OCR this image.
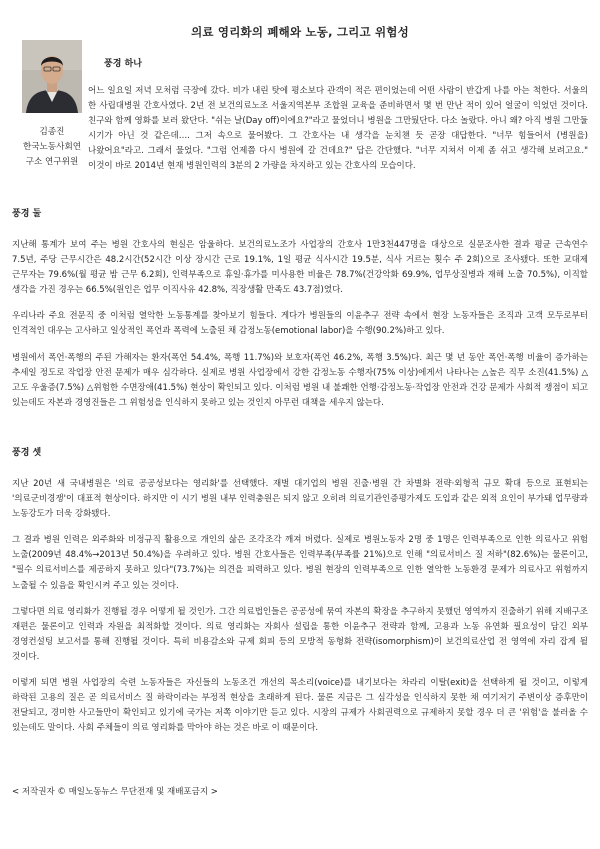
의료 영리화의 폐해와 노동, 그리고 위험성
김종진
한국노동사회연
구소 연구위원
풍경 하나

어느 일요일 저녁 모처럼 극장에 갔다. 비가 내린 탓에 평소보다 관객이 적은 편이었는데 어떤 사람이 반갑게 나를 아는 척한다. 서울의 한 사립대병원 간호사였다. 2년 전 보건의료노조 서울지역본부 조합원 교육을 준비하면서 몇 번 만난 적이 있어 얼굴이 익었던 것이다. 친구와 함께 영화를 보러 왔단다. "쉬는 날(Day off)이에요?"라고 물었더니 병원을 그만뒀단다. 다소 놀랐다. 아니 왜? 아직 병원 그만둘 시기가 아닌 것 같은데…. 그저 속으로 물어봤다. 그 간호사는 내 생각을 눈치챈 듯 곧장 대답한다. "너무 힘들어서 (병원을) 나왔어요"라고. 그래서 물었다. "그럼 언제쯤 다시 병원에 갈 건데요?" 답은 간단했다. "너무 지쳐서 이제 좀 쉬고 생각해 보려고요." 이것이 바로 2014년 현재 병원인력의 3분의 2 가량을 차지하고 있는 간호사의 모습이다.

풍경 둘

지난해 통계가 보여 주는 병원 간호사의 현실은 암울하다. 보건의료노조가 사업장의 간호사 1만3천447명을 대상으로 실문조사한 결과 평균 근속연수 7.5년, 주당 근무시간은 48.2시간(52시간 이상 장시간 근로 19.1%, 1일 평균 식사시간 19.5분, 식사 거르는 횟수 주 2회)으로 조사됐다. 또한 교대제 근무자는 79.6%(월 평균 밤 근무 6.2회), 인력부족으로 휴일·휴가를 미사용한 비율은 78.7%(건강악화 69.9%, 업무상질병과 재해 노출 70.5%), 이직할 생각을 가진 경우는 66.5%(원인은 업무 이직사유 42.8%, 직장생활 만족도 43.7점)였다.

우리나라 주요 전문직 중 이처럼 열악한 노동통계를 찾아보기 힘들다. 게다가 병원들의 이윤추구 전략 속에서 현장 노동자들은 조직과 고객 모두로부터 인격적인 대우는 고사하고 일상적인 폭언과 폭력에 노출된 채 감정노동(emotional labor)을 수행(90.2%)하고 있다.

병원에서 폭언·폭행의 주된 가해자는 환자(폭언 54.4%, 폭행 11.7%)와 보호자(폭언 46.2%, 폭행 3.5%)다. 최근 몇 년 동안 폭언·폭행 비율이 증가하는 추세일 정도로 작업장 안전 문제가 매우 심각하다. 실제로 병원 사업장에서 강한 감정노동 수행자(75% 이상)에게서 나타나는 △높은 직무 소진(41.5%) △고도 우울증(7.5%) △위험한 수면장애(41.5%) 현상이 확인되고 있다. 이처럼 병원 내 불쾌한 언행·감정노동·작업장 안전과 건강 문제가 사회적 쟁점이 되고 있는데도 자본과 경영진들은 그 위험성을 인식하지 못하고 있는 것인지 아무런 대책을 세우지 않는다.

풍경 셋

지난 20년 새 국내병원은 '의료 공공성보다는 영리화'를 선택했다. 재벌 대기업의 병원 진출·병원 간 차별화 전략·외형적 규모 확대 등으로 표현되는 '의료군비경쟁'이 대표적 현상이다. 하지만 이 시기 병원 내부 인력충원은 되지 않고 오히려 의료기관인증평가제도 도입과 같은 외적 요인이 부가돼 업무량과 노동강도가 더욱 강화됐다.

그 결과 병원 인력은 외주화와 비정규직 활용으로 개인의 삶은 조각조각 깨져 버렸다. 실제로 병원노동자 2명 중 1명은 인력부족으로 인한 의료사고 위험 노출(2009년 48.4%→2013년 50.4%)을 우려하고 있다. 병원 간호사들은 인력부족(부족률 21%)으로 인해 "의료서비스 질 저하"(82.6%)는 물론이고, "필수 의료서비스를 제공하지 못하고 있다"(73.7%)는 의견을 피력하고 있다. 병원 현장의 인력부족으로 인한 열악한 노동환경 문제가 의료사고 위험까지 노출될 수 있음을 확인시켜 주고 있는 것이다.

그렇다면 의료 영리화가 진행될 경우 어떻게 될 것인가. 그간 의료법인들은 공공성에 묶여 자본의 확장을 추구하지 못했던 영역까지 진출하기 위해 지배구조 재편은 물론이고 인력과 자원을 최적화할 것이다. 의료 영리화는 자회사 설립을 통한 이윤추구 전략과 함께, 고용과 노동 유연화 필요성이 담긴 외부 경영컨설팅 보고서를 통해 진행될 것이다. 특히 비용감소와 규제 회피 등의 모방적 동형화 전략(isomorphism)이 보건의료산업 전 영역에 자리 잡게 될 것이다.

이렇게 되면 병원 사업장의 숙련 노동자들은 자신들의 노동조건 개선의 목소리(voice)를 내기보다는 차라리 이탈(exit)을 선택하게 될 것이고, 이렇게 하락된 고용의 질은 곧 의료서비스 질 하락이라는 부정적 현상을 초래하게 된다. 물론 지금은 그 심각성을 인식하지 못한 채 여기저기 주변이상 증후만이 전달되고, 경미한 사고들만이 확인되고 있기에 국가는 저쪽 이야기만 듣고 있다. 시장의 규제가 사회권력으로 규제하지 못할 경우 더 큰 '위험'을 불러올 수 있는데도 말이다. 사회 주체들이 의료 영리화를 막아야 하는 것은 바로 이 때문이다.

< 저작권자 © 매일노동뉴스 무단전재 및 재배포금지 >
